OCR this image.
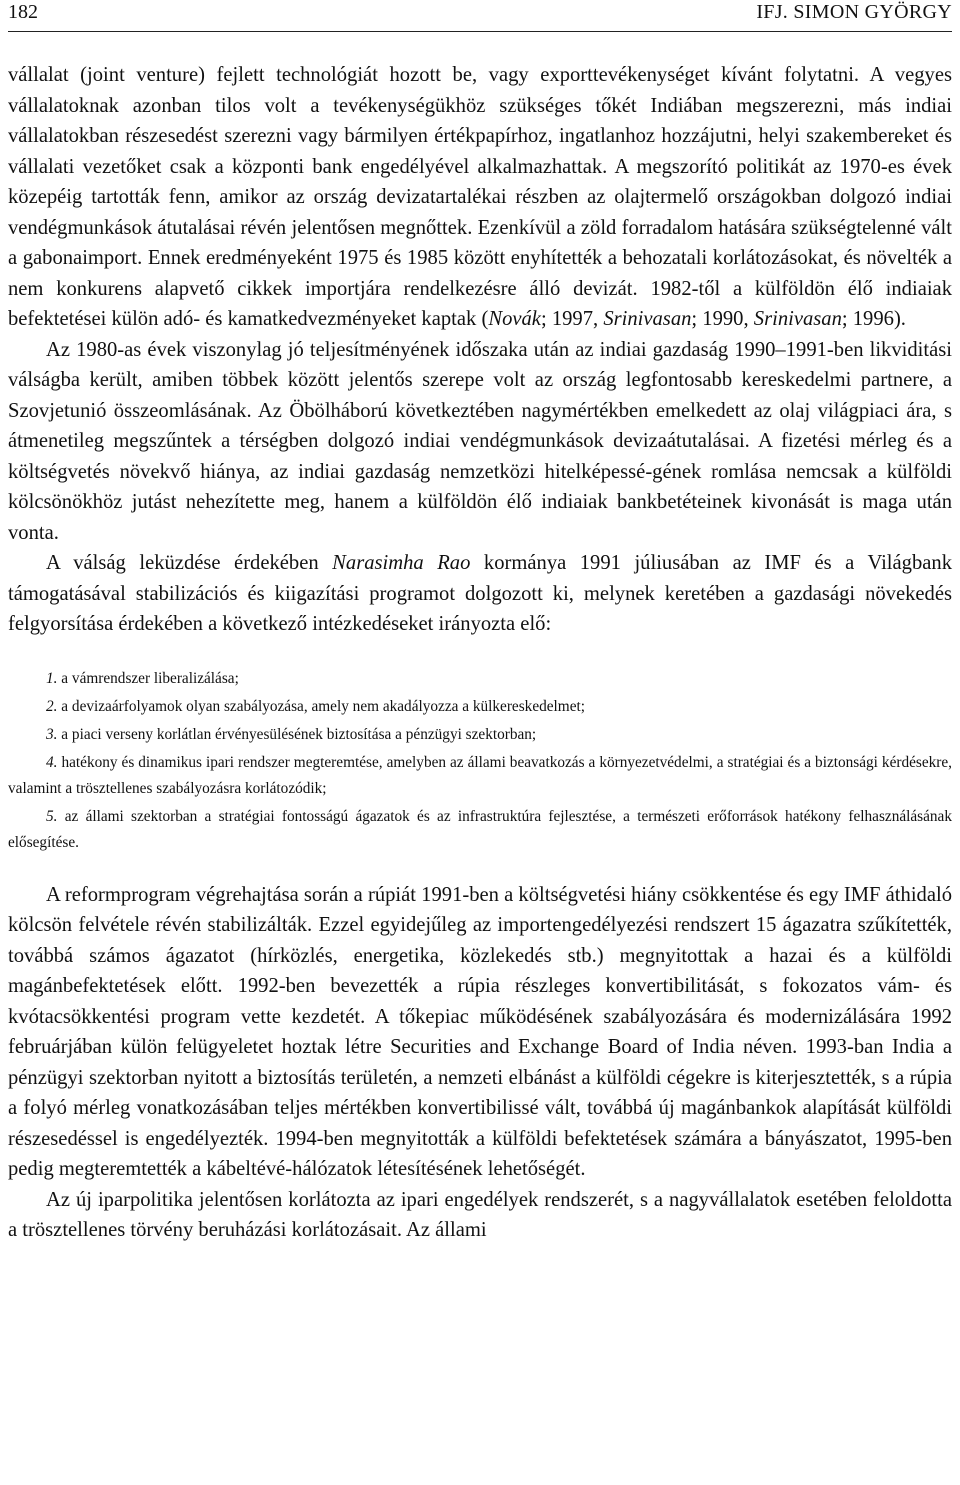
182	IFJ. SIMON GYÖRGY

vállalat (joint venture) fejlett technológiát hozott be, vagy exporttevékenységet kívánt folytatni. A vegyes vállalatoknak azonban tilos volt a tevékenységükhöz szükséges tőkét Indiában megszerezni, más indiai vállalatokban részesedést szerezni vagy bármilyen értékpapírhoz, ingatlanhoz hozzájutni, helyi szakembereket és vállalati vezetőket csak a központi bank engedélyével alkalmazhattak. A megszorító politikát az 1970-es évek közepéig tartották fenn, amikor az ország devizatartalékai részben az olajtermelő országokban dolgozó indiai vendégmunkások átutalásai révén jelentősen megnőttek. Ezenkívül a zöld forradalom hatására szükségtelenné vált a gabonaimport. Ennek eredményeként 1975 és 1985 között enyhítették a behozatali korlátozásokat, és növelték a nem konkurens alapvető cikkek importjára rendelkezésre álló devizát. 1982-től a külföldön élő indiaiak befektetései külön adó- és kamatkedvezményeket kaptak (Novák; 1997, Srinivasan; 1990, Srinivasan; 1996).

Az 1980-as évek viszonylag jó teljesítményének időszaka után az indiai gazdaság 1990–1991-ben likviditási válságba került, amiben többek között jelentős szerepe volt az ország legfontosabb kereskedelmi partnere, a Szovjetunió összeomlásának. Az Öbölháború következtében nagymértékben emelkedett az olaj világpiaci ára, s átmenetileg megszűntek a térségben dolgozó indiai vendégmunkások devizaátutalásai. A fizetési mérleg és a költségvetés növekvő hiánya, az indiai gazdaság nemzetközi hitelképessé-gének romlása nemcsak a külföldi kölcsönökhöz jutást nehezítette meg, hanem a külföldön élő indiaiak bankbetéteinek kivonását is maga után vonta.

A válság leküzdése érdekében Narasimha Rao kormánya 1991 júliusában az IMF és a Világbank támogatásával stabilizációs és kiigazítási programot dolgozott ki, melynek keretében a gazdasági növekedés felgyorsítása érdekében a következő intézkedéseket irányozta elő:

1. a vámrendszer liberalizálása;
2. a devizaárfolyamok olyan szabályozása, amely nem akadályozza a külkereskedelmet;
3. a piaci verseny korlátlan érvényesülésének biztosítása a pénzügyi szektorban;
4. hatékony és dinamikus ipari rendszer megteremtése, amelyben az állami beavatkozás a környezetvédelmi, a stratégiai és a biztonsági kérdésekre, valamint a trösztellenes szabályozásra korlátozódik;
5. az állami szektorban a stratégiai fontosságú ágazatok és az infrastruktúra fejlesztése, a természeti erőforrások hatékony felhasználásának elősegítése.

A reformprogram végrehajtása során a rúpiát 1991-ben a költségvetési hiány csökkentése és egy IMF áthidaló kölcsön felvétele révén stabilizálták. Ezzel egyidejűleg az importengedélyezési rendszert 15 ágazatra szűkítették, továbbá számos ágazatot (hírközlés, energetika, közlekedés stb.) megnyitottak a hazai és a külföldi magánbefektetések előtt. 1992-ben bevezették a rúpia részleges konvertibilitását, s fokozatos vám- és kvótacsökkentési program vette kezdetét. A tőkepiac működésének szabályozására és modernizálására 1992 februárjában külön felügyeletet hoztak létre Securities and Exchange Board of India néven. 1993-ban India a pénzügyi szektorban nyitott a biztosítás területén, a nemzeti elbánást a külföldi cégekre is kiterjesztették, s a rúpia a folyó mérleg vonatkozásában teljes mértékben konvertibilissé vált, továbbá új magánbankok alapítását külföldi részesedéssel is engedélyezték. 1994-ben megnyitották a külföldi befektetések számára a bányászatot, 1995-ben pedig megteremtették a kábeltévé-hálózatok létesítésének lehetőségét.

Az új iparpolitika jelentősen korlátozta az ipari engedélyek rendszerét, s a nagyvállalatok esetében feloldotta a trösztellenes törvény beruházási korlátozásait. Az állami
